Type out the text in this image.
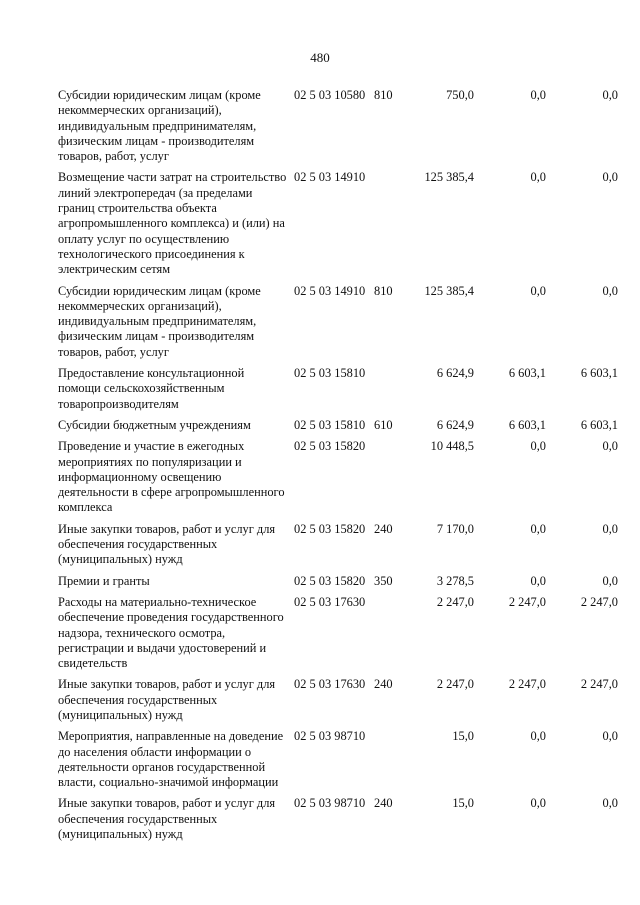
480
Субсидии юридическим лицам (кроме некоммерческих организаций), индивидуальным предпринимателям, физическим лицам - производителям товаров, работ, услуг
02 5 03 10580 810	750,0	0,0	0,0
Возмещение части затрат на строительство линий электропередач (за пределами границ строительства объекта агропромышленного комплекса) и (или) на оплату услуг по осуществлению технологического присоединения к электрическим сетям
02 5 03 14910	125 385,4	0,0	0,0
Субсидии юридическим лицам (кроме некоммерческих организаций), индивидуальным предпринимателям, физическим лицам - производителям товаров, работ, услуг
02 5 03 14910 810	125 385,4	0,0	0,0
Предоставление консультационной помощи сельскохозяйственным товаропроизводителям
02 5 03 15810	6 624,9	6 603,1	6 603,1
Субсидии бюджетным учреждениям	02 5 03 15810 610	6 624,9	6 603,1	6 603,1
Проведение и участие в ежегодных мероприятиях по популяризации и информационному освещению деятельности в сфере агропромышленного комплекса
02 5 03 15820	10 448,5	0,0	0,0
Иные закупки товаров, работ и услуг для обеспечения государственных (муниципальных) нужд
02 5 03 15820 240	7 170,0	0,0	0,0
Премии и гранты	02 5 03 15820 350	3 278,5	0,0	0,0
Расходы на материально-техническое обеспечение проведения государственного надзора, технического осмотра, регистрации и выдачи удостоверений и свидетельств
02 5 03 17630	2 247,0	2 247,0	2 247,0
Иные закупки товаров, работ и услуг для обеспечения государственных (муниципальных) нужд
02 5 03 17630 240	2 247,0	2 247,0	2 247,0
Мероприятия, направленные на доведение до населения области информации о деятельности органов государственной власти, социально-значимой информации
02 5 03 98710	15,0	0,0	0,0
Иные закупки товаров, работ и услуг для обеспечения государственных (муниципальных) нужд
02 5 03 98710 240	15,0	0,0	0,0
